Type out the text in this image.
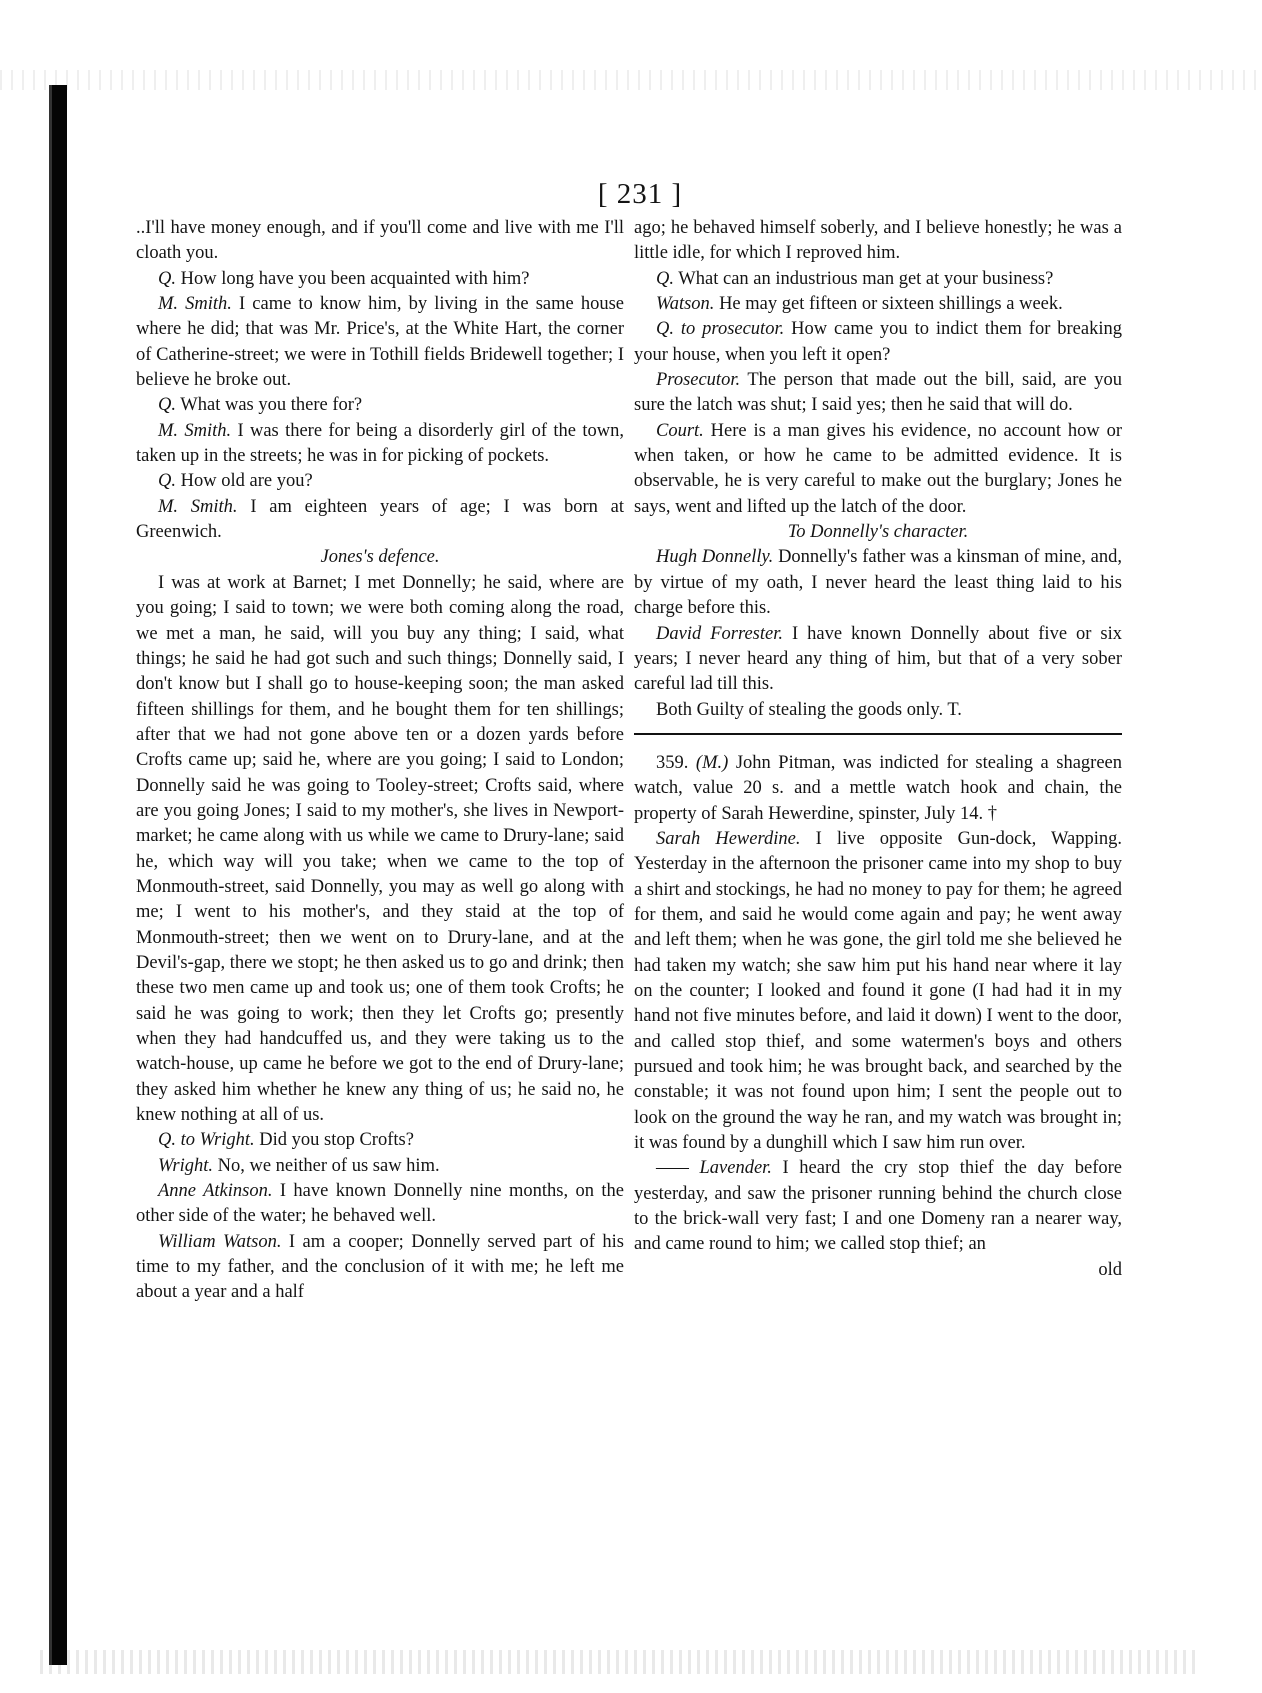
[ 231 ]

..I'll have money enough, and if you'll come and live with me I'll cloath you.

Q. How long have you been acquainted with him?

M. Smith. I came to know him, by living in the same house where he did; that was Mr. Price's, at the White Hart, the corner of Catherine-street; we were in Tothill fields Bridewell together; I believe he broke out.

Q. What was you there for?

M. Smith. I was there for being a disorderly girl of the town, taken up in the streets; he was in for picking of pockets.

Q. How old are you?

M. Smith. I am eighteen years of age; I was born at Greenwich.

Jones's defence.

I was at work at Barnet; I met Donnelly; he said, where are you going; I said to town; we were both coming along the road, we met a man, he said, will you buy any thing; I said, what things; he said he had got such and such things; Donnelly said, I don't know but I shall go to house-keeping soon; the man asked fifteen shillings for them, and he bought them for ten shillings; after that we had not gone above ten or a dozen yards before Crofts came up; said he, where are you going; I said to London; Donnelly said he was going to Tooley-street; Crofts said, where are you going Jones; I said to my mother's, she lives in Newport-market; he came along with us while we came to Drury-lane; said he, which way will you take; when we came to the top of Monmouth-street, said Donnelly, you may as well go along with me; I went to his mother's, and they staid at the top of Monmouth-street; then we went on to Drury-lane, and at the Devil's-gap, there we stopt; he then asked us to go and drink; then these two men came up and took us; one of them took Crofts; he said he was going to work; then they let Crofts go; presently when they had handcuffed us, and they were taking us to the watch-house, up came he before we got to the end of Drury-lane; they asked him whether he knew any thing of us; he said no, he knew nothing at all of us.

Q. to Wright. Did you stop Crofts?

Wright. No, we neither of us saw him.

Anne Atkinson. I have known Donnelly nine months, on the other side of the water; he behaved well.

William Watson. I am a cooper; Donnelly served part of his time to my father, and the conclusion of it with me; he left me about a year and a half

ago; he behaved himself soberly, and I believe honestly; he was a little idle, for which I reproved him.

Q. What can an industrious man get at your business?

Watson. He may get fifteen or sixteen shillings a week.

Q. to prosecutor. How came you to indict them for breaking your house, when you left it open?

Prosecutor. The person that made out the bill, said, are you sure the latch was shut; I said yes; then he said that will do.

Court. Here is a man gives his evidence, no account how or when taken, or how he came to be admitted evidence. It is observable, he is very careful to make out the burglary; Jones he says, went and lifted up the latch of the door.

To Donnelly's character.

Hugh Donnelly. Donnelly's father was a kinsman of mine, and, by virtue of my oath, I never heard the least thing laid to his charge before this.

David Forrester. I have known Donnelly about five or six years; I never heard any thing of him, but that of a very sober careful lad till this.

Both Guilty of stealing the goods only. T.

359. (M.) John Pitman, was indicted for stealing a shagreen watch, value 20 s. and a mettle watch hook and chain, the property of Sarah Hewerdine, spinster, July 14. †

Sarah Hewerdine. I live opposite Gun-dock, Wapping. Yesterday in the afternoon the prisoner came into my shop to buy a shirt and stockings, he had no money to pay for them; he agreed for them, and said he would come again and pay; he went away and left them; when he was gone, the girl told me she believed he had taken my watch; she saw him put his hand near where it lay on the counter; I looked and found it gone (I had had it in my hand not five minutes before, and laid it down) I went to the door, and called stop thief, and some watermen's boys and others pursued and took him; he was brought back, and searched by the constable; it was not found upon him; I sent the people out to look on the ground the way he ran, and my watch was brought in; it was found by a dunghill which I saw him run over.

—— Lavender. I heard the cry stop thief the day before yesterday, and saw the prisoner running behind the church close to the brick-wall very fast; I and one Domeny ran a nearer way, and came round to him; we called stop thief; an

old
